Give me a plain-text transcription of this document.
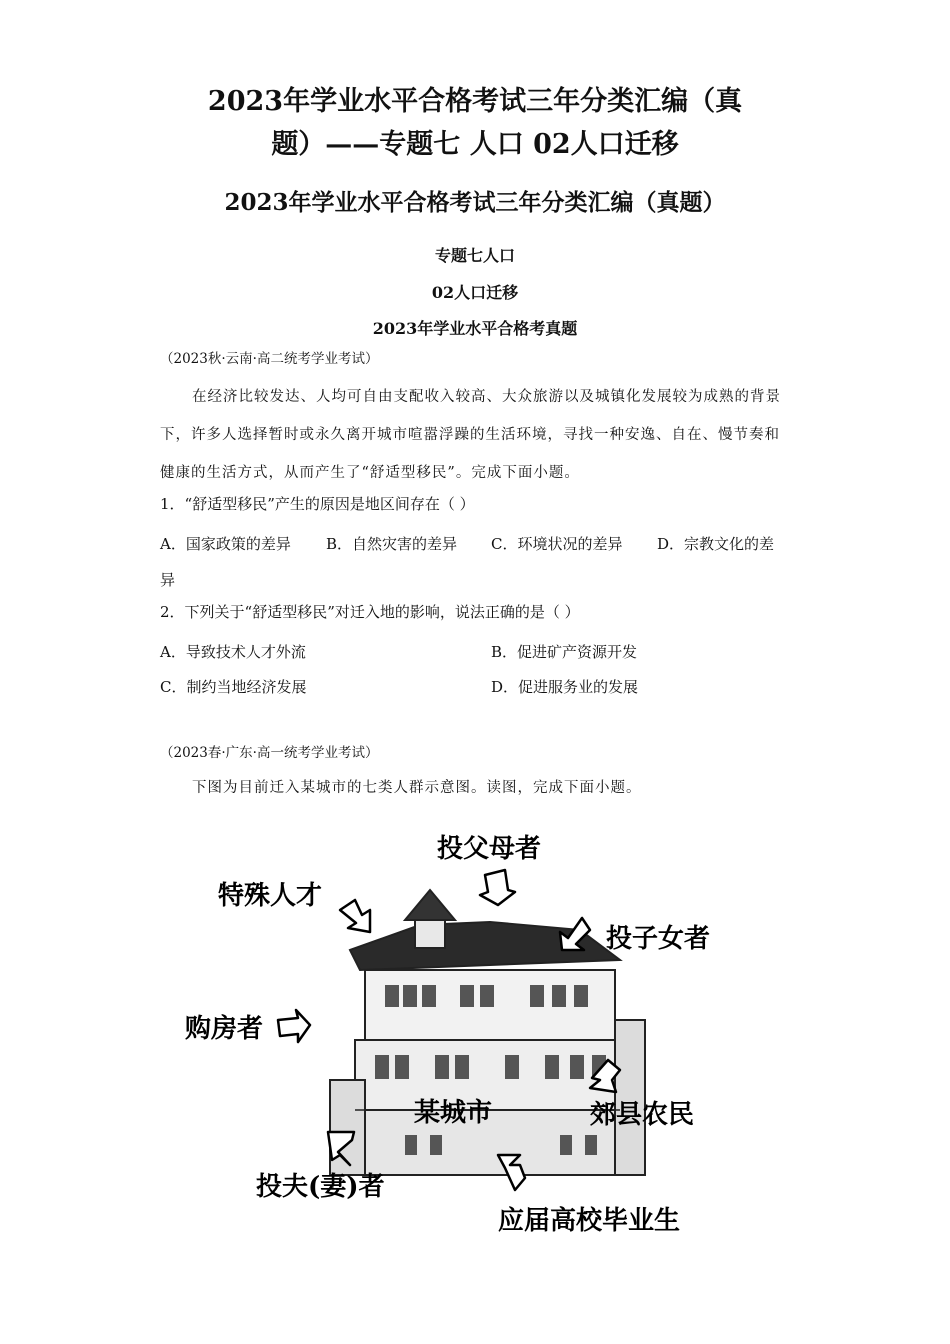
2023年学业水平合格考试三年分类汇编（真
题）——专题七 人口 02人口迁移
2023年学业水平合格考试三年分类汇编（真题）
专题七人口
02人口迁移
2023年学业水平合格考真题
（2023秋·云南·高二统考学业考试）
在经济比较发达、人均可自由支配收入较高、大众旅游以及城镇化发展较为成熟的背景下，许多人选择暂时或永久离开城市喧嚣浮躁的生活环境，寻找一种安逸、自在、慢节奏和健康的生活方式，从而产生了“舒适型移民”。完成下面小题。
1．“舒适型移民”产生的原因是地区间存在（ ）
A．国家政策的差异 B．自然灾害的差异 C．环境状况的差异 D．宗教文化的差
异
2．下列关于“舒适型移民”对迁入地的影响，说法正确的是（ ）
A．导致技术人才外流	B．促进矿产资源开发
C．制约当地经济发展	D．促进服务业的发展
（2023春·广东·高一统考学业考试）
下图为目前迁入某城市的七类人群示意图。读图，完成下面小题。
投父母者
特殊人才
投子女者
购房者
郊县农民
某城市
投夫(妻)者
应届高校毕业生
